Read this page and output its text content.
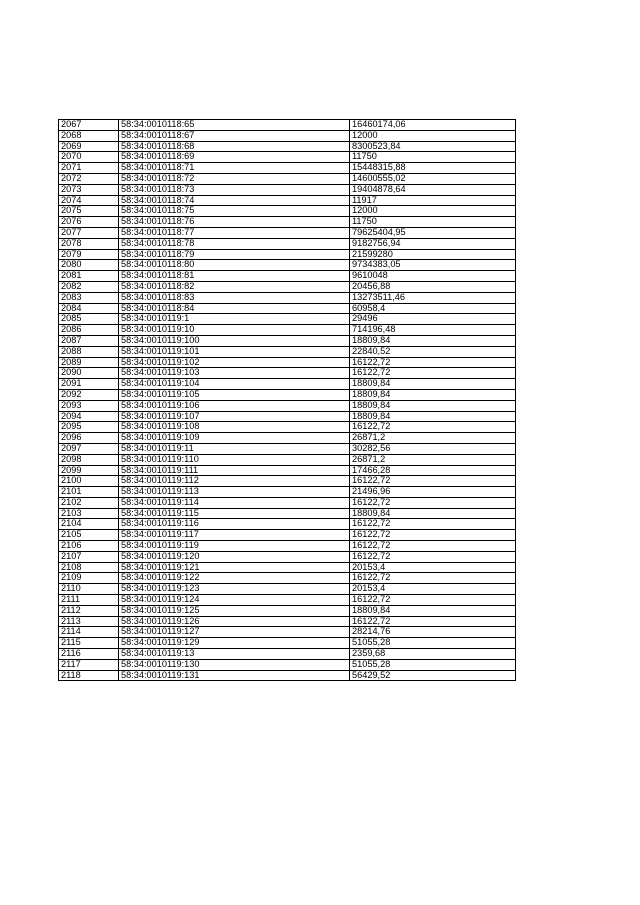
2067	58:34:0010118:65	16460174,06
2068	58:34:0010118:67	12000
2069	58:34:0010118:68	8300523,84
2070	58:34:0010118:69	11750
2071	58:34:0010118:71	15448315,88
2072	58:34:0010118:72	14600555,02
2073	58:34:0010118:73	19404878,64
2074	58:34:0010118:74	11917
2075	58:34:0010118:75	12000
2076	58:34:0010118:76	11750
2077	58:34:0010118:77	79625404,95
2078	58:34:0010118:78	9182756,94
2079	58:34:0010118:79	21599280
2080	58:34:0010118:80	9734383,05
2081	58:34:0010118:81	9610048
2082	58:34:0010118:82	20456,88
2083	58:34:0010118:83	13273511,46
2084	58:34:0010118:84	60958,4
2085	58:34:0010119:1	29496
2086	58:34:0010119:10	714196,48
2087	58:34:0010119:100	18809,84
2088	58:34:0010119:101	22840,52
2089	58:34:0010119:102	16122,72
2090	58:34:0010119:103	16122,72
2091	58:34:0010119:104	18809,84
2092	58:34:0010119:105	18809,84
2093	58:34:0010119:106	18809,84
2094	58:34:0010119:107	18809,84
2095	58:34:0010119:108	16122,72
2096	58:34:0010119:109	26871,2
2097	58:34:0010119:11	30282,56
2098	58:34:0010119:110	26871,2
2099	58:34:0010119:111	17466,28
2100	58:34:0010119:112	16122,72
2101	58:34:0010119:113	21496,96
2102	58:34:0010119:114	16122,72
2103	58:34:0010119:115	18809,84
2104	58:34:0010119:116	16122,72
2105	58:34:0010119:117	16122,72
2106	58:34:0010119:119	16122,72
2107	58:34:0010119:120	16122,72
2108	58:34:0010119:121	20153,4
2109	58:34:0010119:122	16122,72
2110	58:34:0010119:123	20153,4
2111	58:34:0010119:124	16122,72
2112	58:34:0010119:125	18809,84
2113	58:34:0010119:126	16122,72
2114	58:34:0010119:127	28214,76
2115	58:34:0010119:129	51055,28
2116	58:34:0010119:13	2359,68
2117	58:34:0010119:130	51055,28
2118	58:34:0010119:131	56429,52
